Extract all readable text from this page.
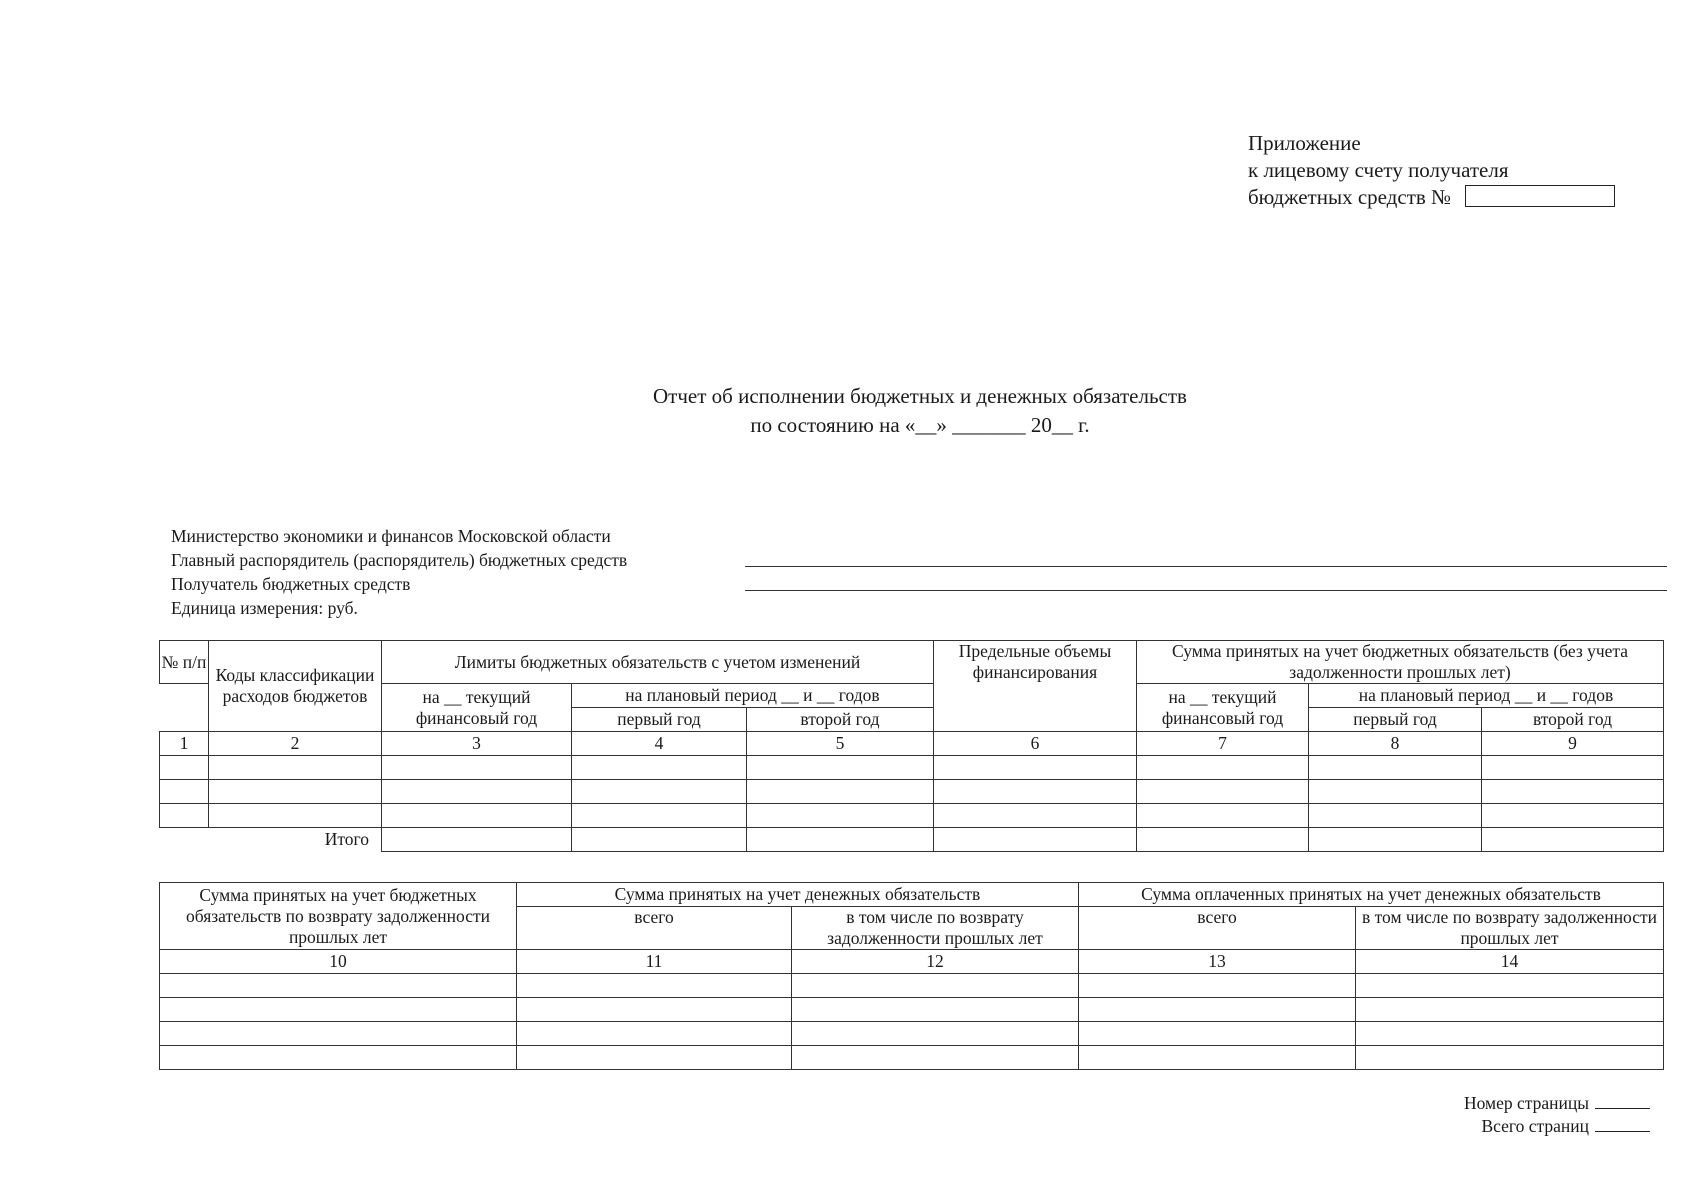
Приложение
к лицевому счету получателя
бюджетных средств №
Отчет об исполнении бюджетных и денежных обязательств
по состоянию на «__» _______ 20__ г.
Министерство экономики и финансов Московской области
Главный распорядитель (распорядитель) бюджетных средств
Получатель бюджетных средств
Единица измерения: руб.
№ п/п	Коды классификации расходов бюджетов	Лимиты бюджетных обязательств с учетом изменений			Предельные объемы финансирования	Сумма принятых на учет бюджетных обязательств (без учета задолженности прошлых лет)		

		на __ текущий финансовый год	на плановый период __ и __ годов			на __ текущий финансовый год	на плановый период __ и __ годов	
			первый год	второй год			первый год	второй год
1	2	3	4	5	6	7	8	9

Итого								
Сумма принятых на учет бюджетных обязательств по возврату задолженности прошлых лет	Сумма принятых на учет денежных обязательств		Сумма оплаченных принятых на учет денежных обязательств	
	всего	в том числе по возврату задолженности прошлых лет	всего	в том числе по возврату задолженности прошлых лет

10	11	12	13	14

Номер страницы
Всего страниц
